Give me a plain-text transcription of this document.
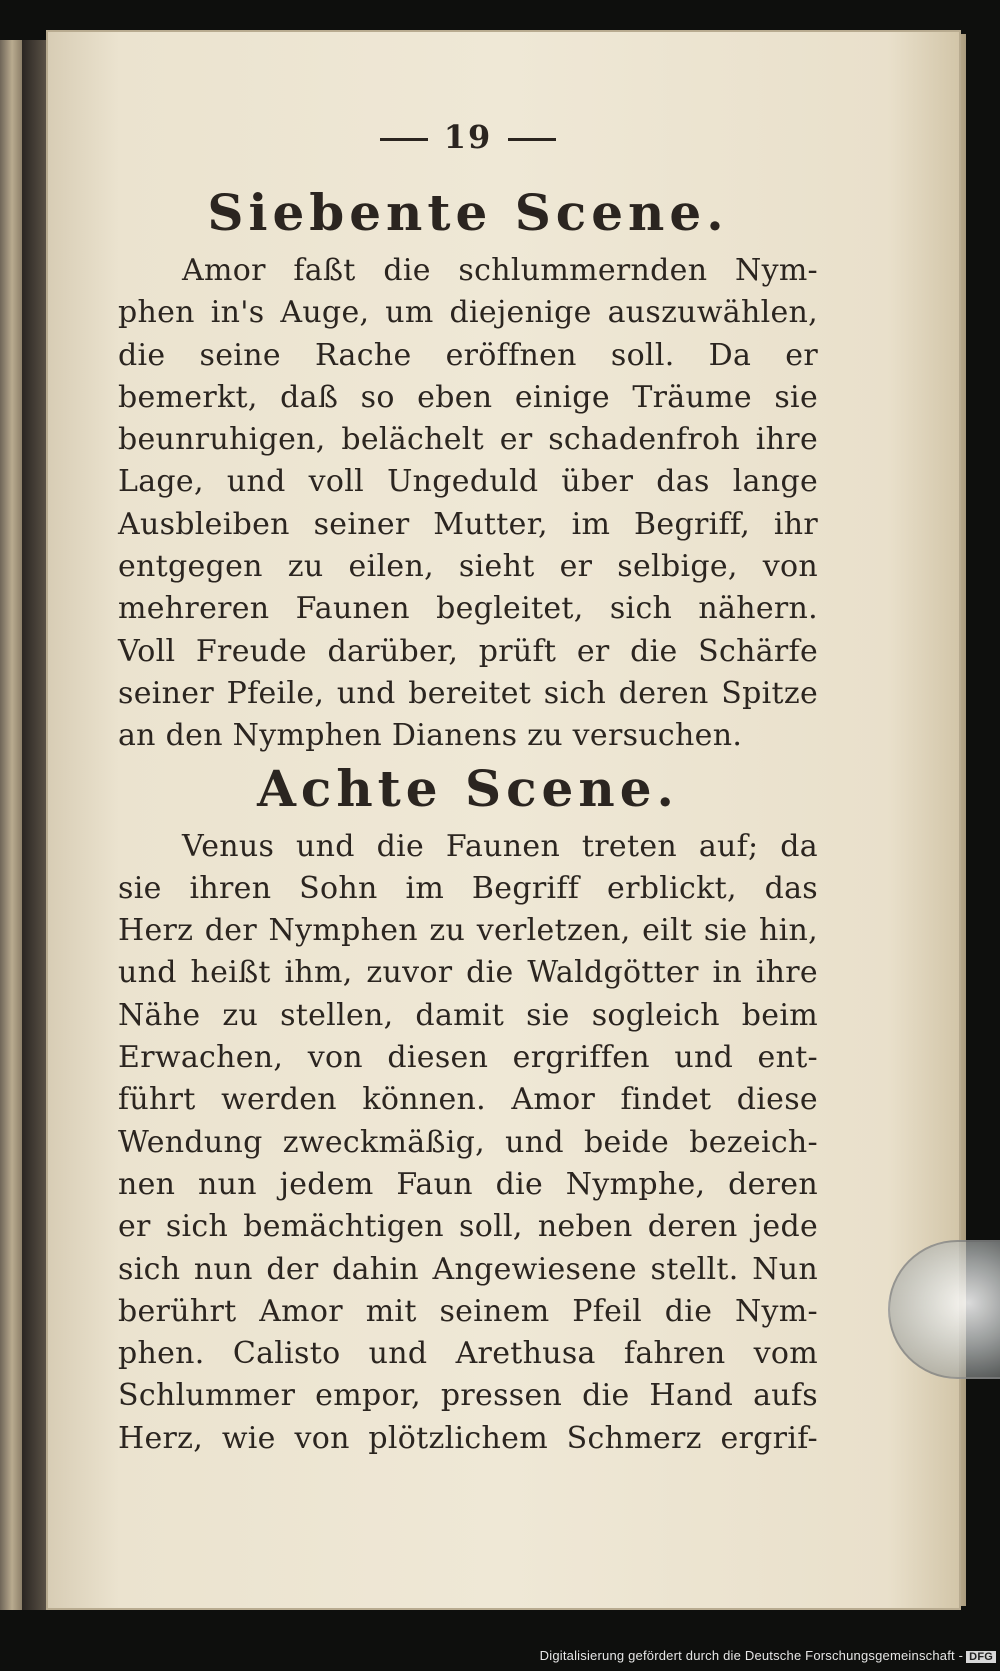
19
Siebente Scene.
Amor faßt die schlummernden Nym-
phen in's Auge, um diejenige auszuwählen,
die seine Rache eröffnen soll. Da er
bemerkt, daß so eben einige Träume sie
beunruhigen, belächelt er schadenfroh ihre
Lage, und voll Ungeduld über das lange
Ausbleiben seiner Mutter, im Begriff, ihr
entgegen zu eilen, sieht er selbige, von
mehreren Faunen begleitet, sich nähern.
Voll Freude darüber, prüft er die Schärfe
seiner Pfeile, und bereitet sich deren Spitze
an den Nymphen Dianens zu versuchen.
Achte Scene.
Venus und die Faunen treten auf; da
sie ihren Sohn im Begriff erblickt, das
Herz der Nymphen zu verletzen, eilt sie hin,
und heißt ihm, zuvor die Waldgötter in ihre
Nähe zu stellen, damit sie sogleich beim
Erwachen, von diesen ergriffen und ent-
führt werden können. Amor findet diese
Wendung zweckmäßig, und beide bezeich-
nen nun jedem Faun die Nymphe, deren
er sich bemächtigen soll, neben deren jede
sich nun der dahin Angewiesene stellt. Nun
berührt Amor mit seinem Pfeil die Nym-
phen. Calisto und Arethusa fahren vom
Schlummer empor, pressen die Hand aufs
Herz, wie von plötzlichem Schmerz ergrif-
Digitalisierung gefördert durch die Deutsche Forschungsgemeinschaft - DFG
